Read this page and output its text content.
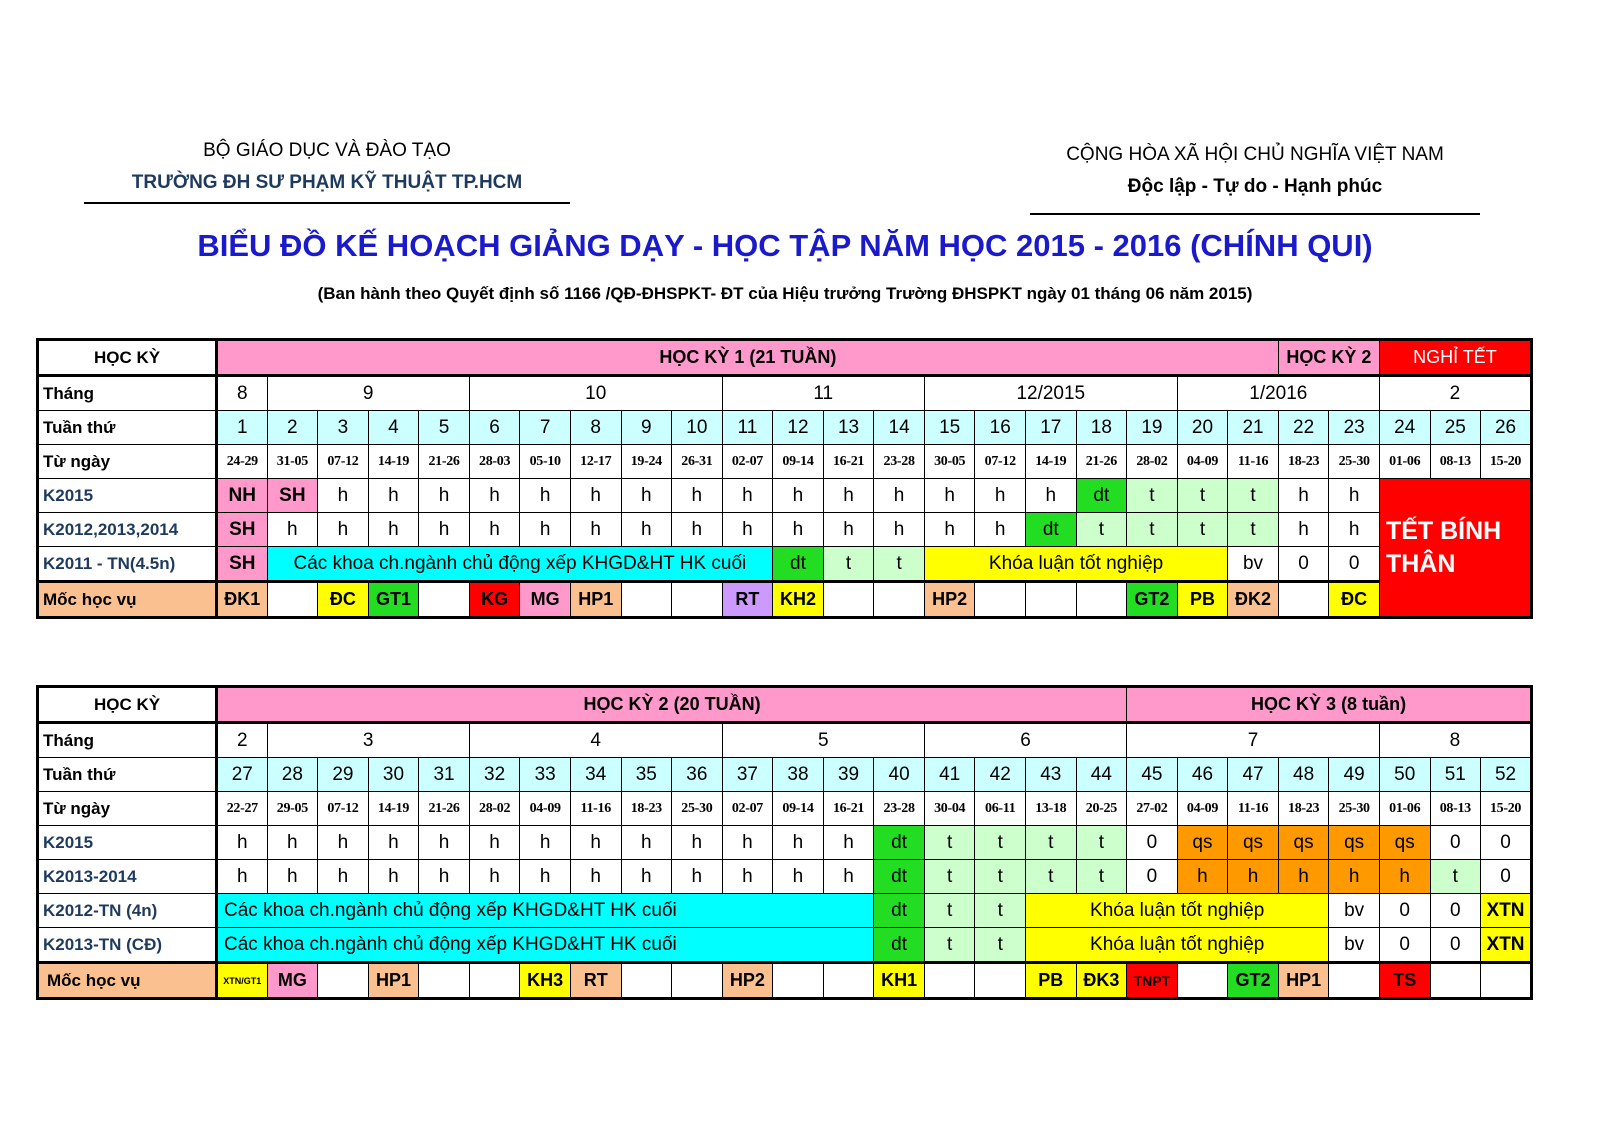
BỘ GIÁO DỤC VÀ ĐÀO TẠO
TRƯỜNG ĐH SƯ PHẠM KỸ THUẬT TP.HCM
CỘNG HÒA XÃ HỘI CHỦ NGHĨA VIỆT NAM
Độc lập - Tự do - Hạnh phúc
BIỂU ĐỒ KẾ HOẠCH GIẢNG DẠY - HỌC TẬP NĂM HỌC 2015 - 2016 (CHÍNH QUI)
(Ban hành theo Quyết định số 1166 /QĐ-ĐHSPKT- ĐT của Hiệu trưởng Trường ĐHSPKT ngày 01 tháng 06 năm 2015)
HỌC KỲ	HỌC KỲ 1 (21 TUẦN)																					HỌC KỲ 2		NGHỈ TẾT		
Tháng	8	9				10					11				12/2015					1/2016				2		
Tuần thứ	1	2	3	4	5	6	7	8	9	10	11	12	13	14	15	16	17	18	19	20	21	22	23	24	25	26
Từ ngày	24-29	31-05	07-12	14-19	21-26	28-03	05-10	12-17	19-24	26-31	02-07	09-14	16-21	23-28	30-05	07-12	14-19	21-26	28-02	04-09	11-16	18-23	25-30	01-06	08-13	15-20
K2015	NH	SH	h	h	h	h	h	h	h	h	h	h	h	h	h	h	h	dt	t	t	t	h	h	TẾT BÍNH THÂN		
K2012,2013,2014	SH	h	h	h	h	h	h	h	h	h	h	h	h	h	h	h	dt	t	t	t	t	h	h			
K2011 - TN(4.5n)	SH	Các khoa ch.ngành chủ động xếp KHGD&HT HK cuối										dt	t	t	Khóa luận tốt nghiệp						bv	0	0			
Mốc học vụ	ĐK1		ĐC	GT1		KG	MG	HP1			RT	KH2			HP2				GT2	PB	ĐK2		ĐC			
HỌC KỲ	HỌC KỲ 2 (20 TUẦN)																		HỌC KỲ 3 (8 tuần)							
Tháng	2	3				4					5				6				7					8		
Tuần thứ	27	28	29	30	31	32	33	34	35	36	37	38	39	40	41	42	43	44	45	46	47	48	49	50	51	52
Từ ngày	22-27	29-05	07-12	14-19	21-26	28-02	04-09	11-16	18-23	25-30	02-07	09-14	16-21	23-28	30-04	06-11	13-18	20-25	27-02	04-09	11-16	18-23	25-30	01-06	08-13	15-20
K2015	h	h	h	h	h	h	h	h	h	h	h	h	h	dt	t	t	t	t	0	qs	qs	qs	qs	qs	0	0
K2013-2014	h	h	h	h	h	h	h	h	h	h	h	h	h	dt	t	t	t	t	0	h	h	h	h	h	t	0
K2012-TN (4n)	Các khoa ch.ngành chủ động xếp KHGD&HT HK cuối													dt	t	t	Khóa luận tốt nghiệp						bv	0	0	XTN
K2013-TN (CĐ)	Các khoa ch.ngành chủ động xếp KHGD&HT HK cuối													dt	t	t	Khóa luận tốt nghiệp						bv	0	0	XTN
Mốc học vụ	XTN/GT1	MG		HP1			KH3	RT			HP2			KH1			PB	ĐK3	TNPT		GT2	HP1		TS		
